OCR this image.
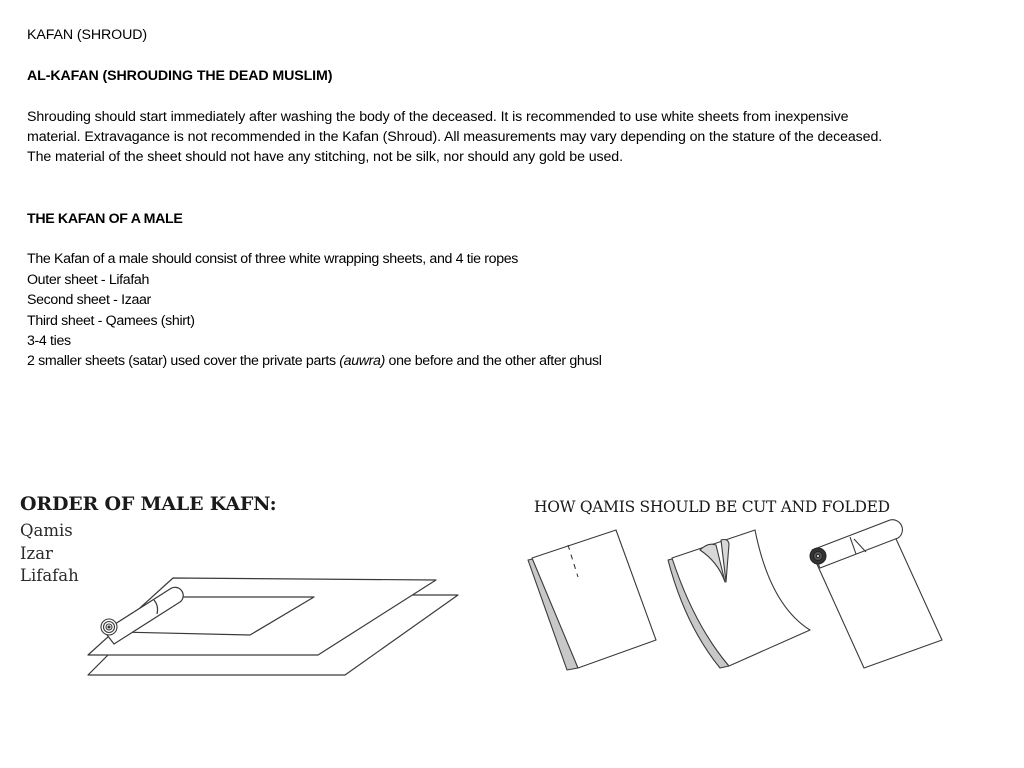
KAFAN (SHROUD)

AL-KAFAN (SHROUDING THE DEAD MUSLIM)

Shrouding should start immediately after washing the body of the deceased. It is recommended to use white sheets from inexpensive

material. Extravagance is not recommended in the Kafan (Shroud). All measurements may vary depending on the stature of the deceased.

The material of the sheet should not have any stitching, not be silk, nor should any gold be used.

THE KAFAN OF A MALE

The Kafan of a male should consist of three white wrapping sheets, and 4 tie ropes

Outer sheet - Lifafah

Second sheet - Izaar

Third sheet - Qamees (shirt)

3-4 ties

2 smaller sheets (satar) used cover the private parts (auwra) one before and the other after ghusl

ORDER OF MALE KAFN:
Qamis
Izar
Lifafah
HOW QAMIS SHOULD BE CUT AND FOLDED
